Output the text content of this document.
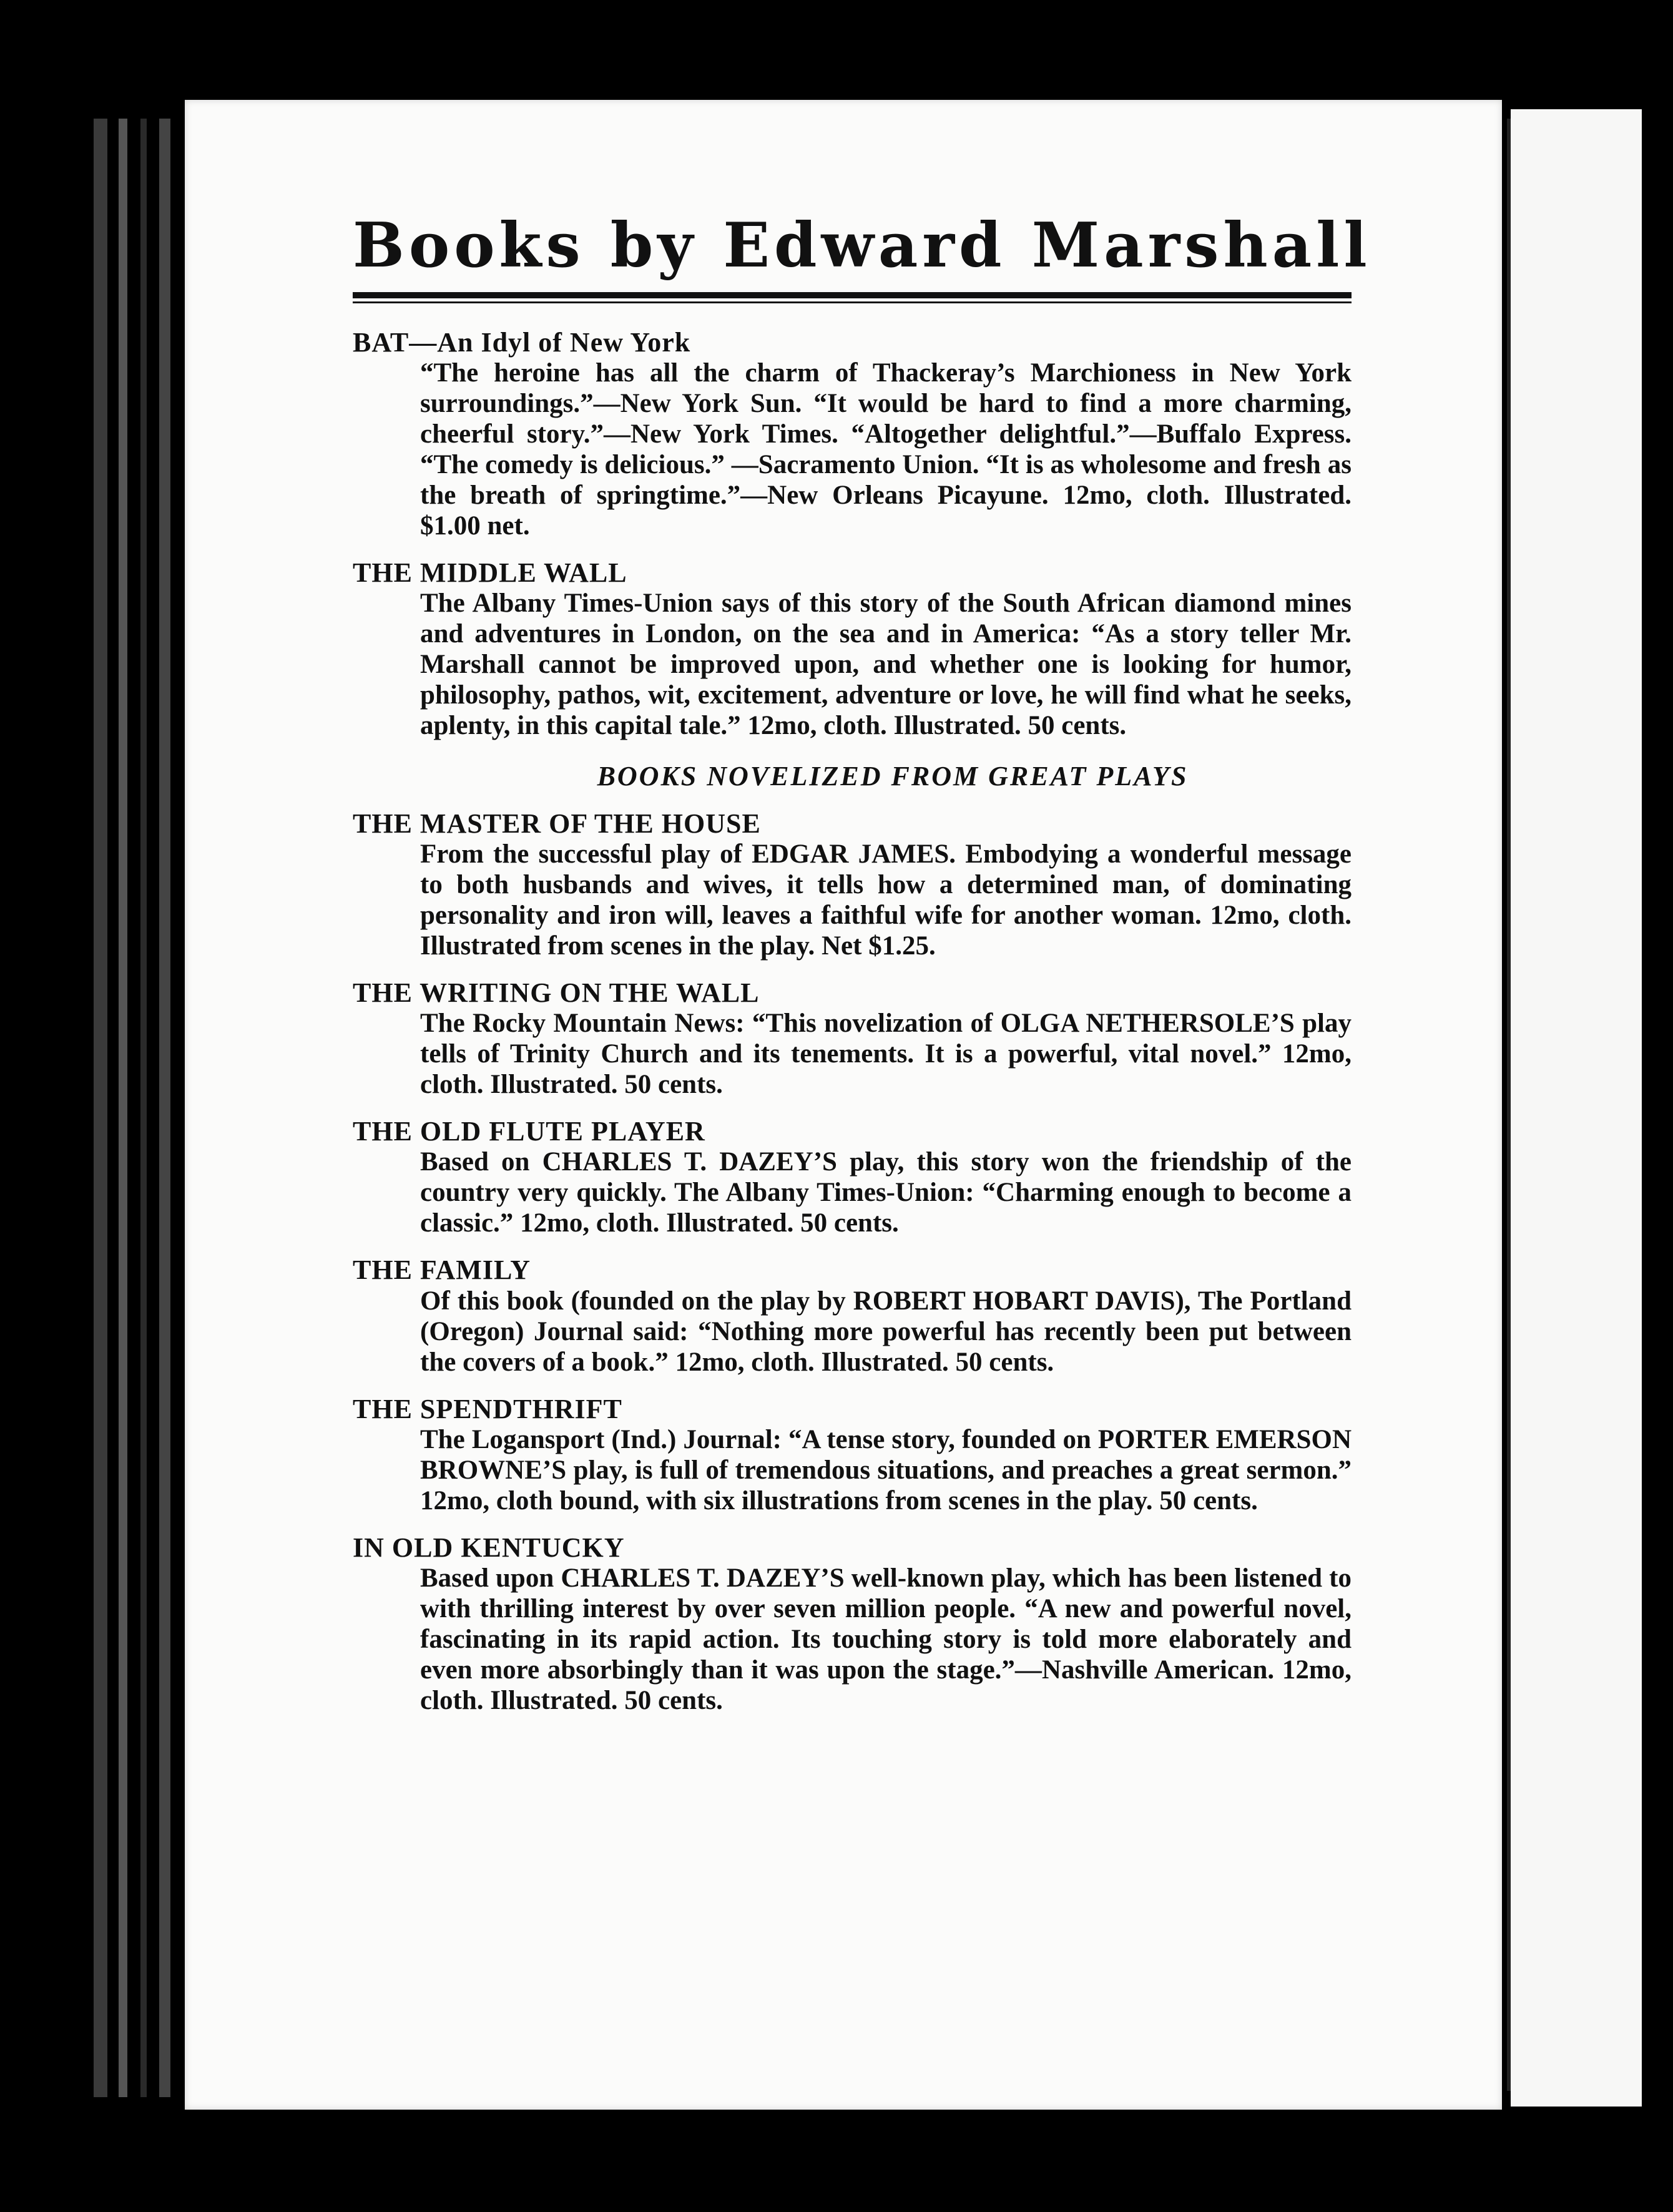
Books by Edward Marshall

BAT—An Idyl of New York

“The heroine has all the charm of Thackeray’s Marchioness in New York surroundings.”—New York Sun. “It would be hard to find a more charming, cheerful story.”—New York Times. “Altogether delightful.”—Buffalo Express. “The comedy is delicious.” —Sacramento Union. “It is as wholesome and fresh as the breath of springtime.”—New Orleans Picayune. 12mo, cloth. Illustrated. $1.00 net.

THE MIDDLE WALL

The Albany Times-Union says of this story of the South African diamond mines and adventures in London, on the sea and in America: “As a story teller Mr. Marshall cannot be improved upon, and whether one is looking for humor, philosophy, pathos, wit, excitement, adventure or love, he will find what he seeks, aplenty, in this capital tale.” 12mo, cloth. Illustrated. 50 cents.

BOOKS NOVELIZED FROM GREAT PLAYS

THE MASTER OF THE HOUSE

From the successful play of EDGAR JAMES. Embodying a wonderful message to both husbands and wives, it tells how a determined man, of dominating personality and iron will, leaves a faithful wife for another woman. 12mo, cloth. Illustrated from scenes in the play. Net $1.25.

THE WRITING ON THE WALL

The Rocky Mountain News: “This novelization of OLGA NETHERSOLE’S play tells of Trinity Church and its tenements. It is a powerful, vital novel.” 12mo, cloth. Illustrated. 50 cents.

THE OLD FLUTE PLAYER

Based on CHARLES T. DAZEY’S play, this story won the friendship of the country very quickly. The Albany Times-Union: “Charming enough to become a classic.” 12mo, cloth. Illustrated. 50 cents.

THE FAMILY

Of this book (founded on the play by ROBERT HOBART DAVIS), The Portland (Oregon) Journal said: “Nothing more powerful has recently been put between the covers of a book.” 12mo, cloth. Illustrated. 50 cents.

THE SPENDTHRIFT

The Logansport (Ind.) Journal: “A tense story, founded on PORTER EMERSON BROWNE’S play, is full of tremendous situations, and preaches a great sermon.” 12mo, cloth bound, with six illustrations from scenes in the play. 50 cents.

IN OLD KENTUCKY

Based upon CHARLES T. DAZEY’S well-known play, which has been listened to with thrilling interest by over seven million people. “A new and powerful novel, fascinating in its rapid action. Its touching story is told more elaborately and even more absorbingly than it was upon the stage.”—Nashville American. 12mo, cloth. Illustrated. 50 cents.
